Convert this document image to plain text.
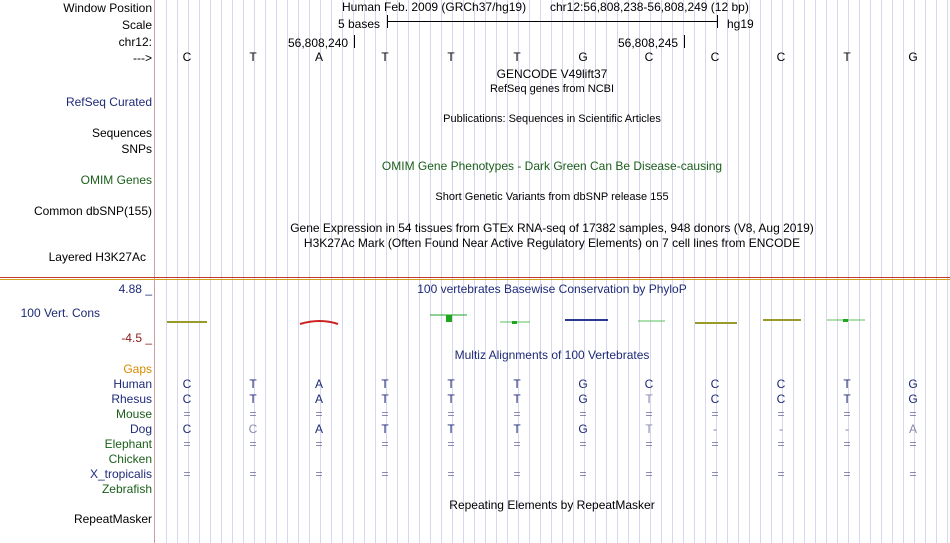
Window Position
Scale
chr12:
--->
Human Feb. 2009 (GRCh37/hg19) chr12:56,808,238-56,808,249 (12 bp)
5 bases	hg19
56,808,240	56,808,245
C	T	A	T	T	T	G	C	C	C	T	G
GENCODE V49lift37
RefSeq Curated
RefSeq genes from NCBI
Sequences
Publications: Sequences in Scientific Articles
SNPs
OMIM Gene Phenotypes - Dark Green Can Be Disease-causing
OMIM Genes
Short Genetic Variants from dbSNP release 155
Common dbSNP(155)
Gene Expression in 54 tissues from GTEx RNA-seq of 17382 samples, 948 donors (V8, Aug 2019)
H3K27Ac Mark (Often Found Near Active Regulatory Elements) on 7 cell lines from ENCODE
Layered H3K27Ac
4.88 _	100 vertebrates Basewise Conservation by PhyloP
100 Vert. Cons
-4.5 _
Multiz Alignments of 100 Vertebrates
Gaps
Human	C	T	A	T	T	T	G	C	C	C	T	G
Rhesus	C	T	A	T	T	T	G	T	C	C	T	G
Mouse	=	=	=	=	=	=	=	=	=	=	=	=
Dog	C	C	A	T	T	T	G	T	-	-	-	A
Elephant	=	=	=	=	=	=	=	=	=	=	=	=
Chicken
X_tropicalis	=	=	=	=	=	=	=	=	=	=	=	=
Zebrafish
Repeating Elements by RepeatMasker
RepeatMasker
